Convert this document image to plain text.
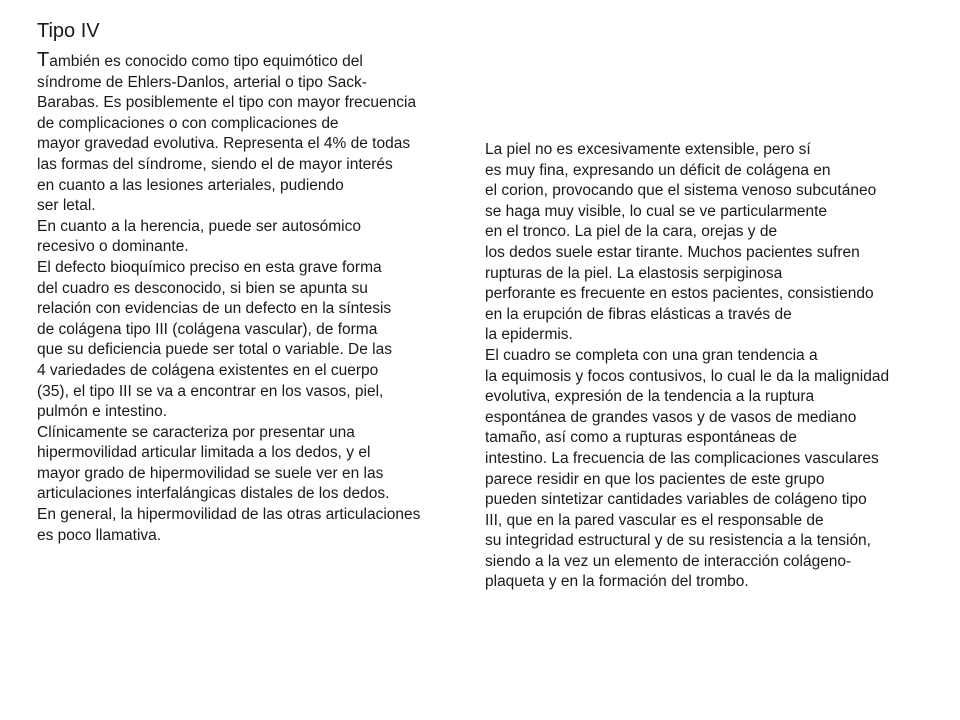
Tipo IV
También es conocido como tipo equimótico del
síndrome de Ehlers-Danlos, arterial o tipo Sack-
Barabas. Es posiblemente el tipo con mayor frecuencia
de complicaciones o con complicaciones de
mayor gravedad evolutiva. Representa el 4% de todas
las formas del síndrome, siendo el de mayor interés
en cuanto a las lesiones arteriales, pudiendo
ser letal.
En cuanto a la herencia, puede ser autosómico
recesivo o dominante.
El defecto bioquímico preciso en esta grave forma
del cuadro es desconocido, si bien se apunta su
relación con evidencias de un defecto en la síntesis
de colágena tipo III (colágena vascular), de forma
que su deficiencia puede ser total o variable. De las
4 variedades de colágena existentes en el cuerpo
(35), el tipo III se va a encontrar en los vasos, piel,
pulmón e intestino.
Clínicamente se caracteriza por presentar una
hipermovilidad articular limitada a los dedos, y el
mayor grado de hipermovilidad se suele ver en las
articulaciones interfalángicas distales de los dedos.
En general, la hipermovilidad de las otras articulaciones
es poco llamativa.
La piel no es excesivamente extensible, pero sí
es muy fina, expresando un déficit de colágena en
el corion, provocando que el sistema venoso subcutáneo
se haga muy visible, lo cual se ve particularmente
en el tronco. La piel de la cara, orejas y de
los dedos suele estar tirante. Muchos pacientes sufren
rupturas de la piel. La elastosis serpiginosa
perforante es frecuente en estos pacientes, consistiendo
en la erupción de fibras elásticas a través de
la epidermis.
El cuadro se completa con una gran tendencia a
la equimosis y focos contusivos, lo cual le da la malignidad
evolutiva, expresión de la tendencia a la ruptura
espontánea de grandes vasos y de vasos de mediano
tamaño, así como a rupturas espontáneas de
intestino. La frecuencia de las complicaciones vasculares
parece residir en que los pacientes de este grupo
pueden sintetizar cantidades variables de colágeno tipo
III, que en la pared vascular es el responsable de
su integridad estructural y de su resistencia a la tensión,
siendo a la vez un elemento de interacción colágeno-
plaqueta y en la formación del trombo.
